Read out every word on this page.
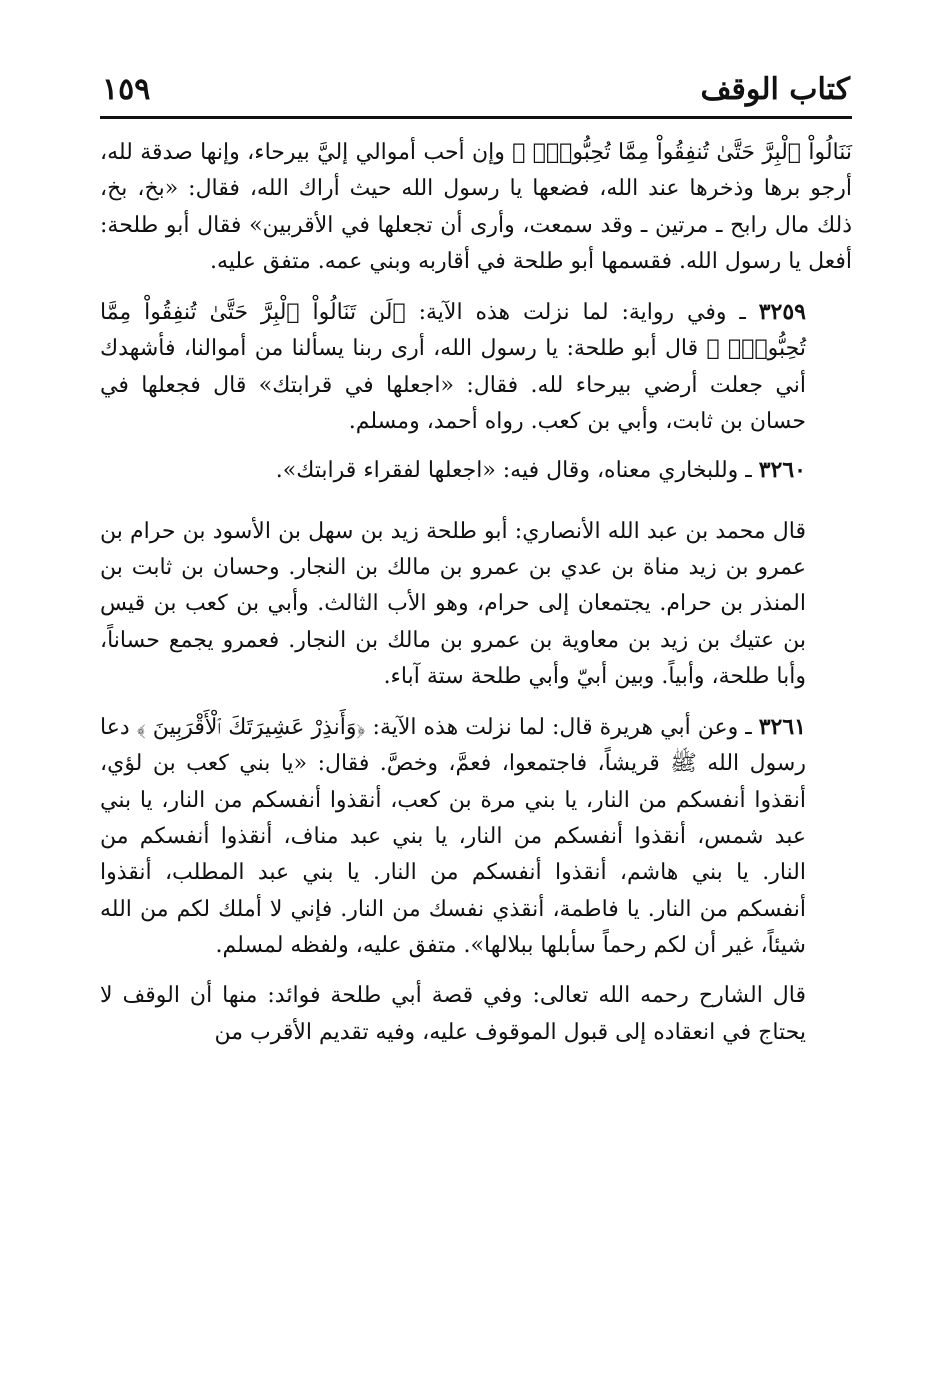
كتاب الوقف
١٥٩

نَنَالُواْ ٱلْبِرَّ حَتَّىٰ تُنفِقُواْ مِمَّا تُحِبُّونَۚ ﴾ وإن أحب أموالي إليَّ بيرحاء، وإنها صدقة لله، أرجو برها وذخرها عند الله، فضعها يا رسول الله حيث أراك الله، فقال: «بخ، بخ، ذلك مال رابح ـ مرتين ـ وقد سمعت، وأرى أن تجعلها في الأقربين» فقال أبو طلحة: أفعل يا رسول الله. فقسمها أبو طلحة في أقاربه وبني عمه. متفق عليه.

٣٢٥٩ ـ وفي رواية: لما نزلت هذه الآية: ﴿لَن تَنَالُواْ ٱلْبِرَّ حَتَّىٰ تُنفِقُواْ مِمَّا تُحِبُّونَۚ ﴾ قال أبو طلحة: يا رسول الله، أرى ربنا يسألنا من أموالنا، فأشهدك أني جعلت أرضي بيرحاء لله. فقال: «اجعلها في قرابتك» قال فجعلها في حسان بن ثابت، وأبي بن كعب. رواه أحمد، ومسلم.

٣٢٦٠ ـ وللبخاري معناه، وقال فيه: «اجعلها لفقراء قرابتك».

قال محمد بن عبد الله الأنصاري: أبو طلحة زيد بن سهل بن الأسود بن حرام بن عمرو بن زيد مناة بن عدي بن عمرو بن مالك بن النجار. وحسان بن ثابت بن المنذر بن حرام. يجتمعان إلى حرام، وهو الأب الثالث. وأبي بن كعب بن قيس بن عتيك بن زيد بن معاوية بن عمرو بن مالك بن النجار. فعمرو يجمع حساناً، وأبا طلحة، وأبياً. وبين أبيّ وأبي طلحة ستة آباء.

٣٢٦١ ـ وعن أبي هريرة قال: لما نزلت هذه الآية: ﴿وَأَنذِرْ عَشِيرَتَكَ ٱلْأَقْرَبِينَ ﴾ دعا رسول الله ﷺ قريشاً، فاجتمعوا، فعمَّ، وخصَّ. فقال: «يا بني كعب بن لؤي، أنقذوا أنفسكم من النار، يا بني مرة بن كعب، أنقذوا أنفسكم من النار، يا بني عبد شمس، أنقذوا أنفسكم من النار، يا بني عبد مناف، أنقذوا أنفسكم من النار. يا بني هاشم، أنقذوا أنفسكم من النار. يا بني عبد المطلب، أنقذوا أنفسكم من النار. يا فاطمة، أنقذي نفسك من النار. فإني لا أملك لكم من الله شيئاً، غير أن لكم رحماً سأبلها ببلالها». متفق عليه، ولفظه لمسلم.

قال الشارح رحمه الله تعالى: وفي قصة أبي طلحة فوائد: منها أن الوقف لا يحتاج في انعقاده إلى قبول الموقوف عليه، وفيه تقديم الأقرب من
